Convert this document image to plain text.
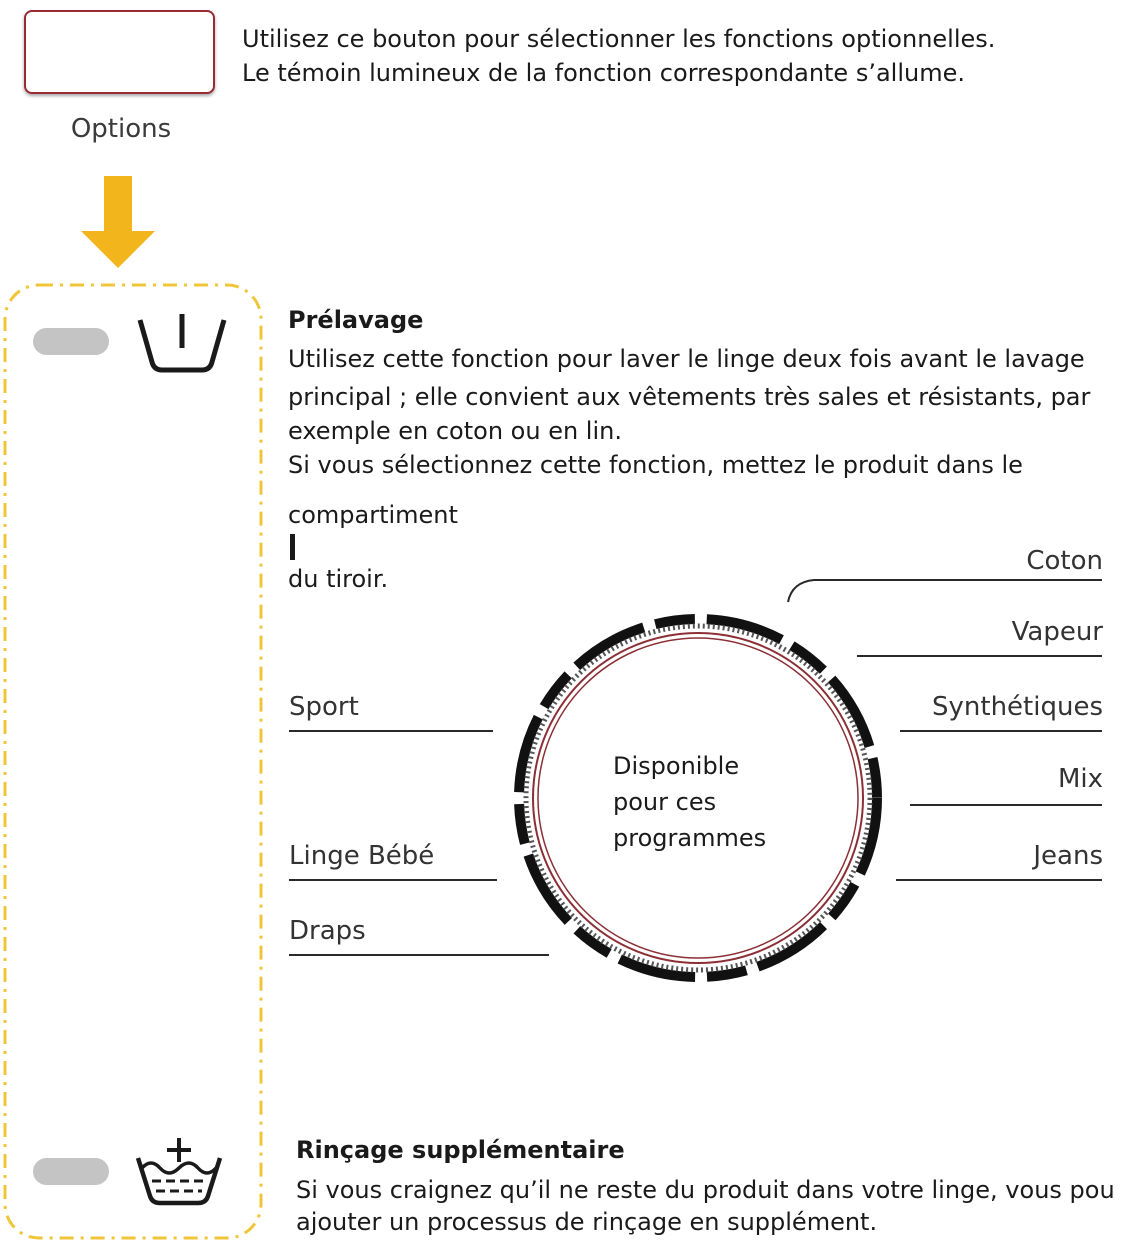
Options
Utilisez ce bouton pour sélectionner les fonctions optionnelles.
Le témoin lumineux de la fonction correspondante s’allume.
Prélavage
Utilisez cette fonction pour laver le linge deux fois avant le lavage
principal ; elle convient aux vêtements très sales et résistants, par
exemple en coton ou en lin.
Si vous sélectionnez cette fonction, mettez le produit dans le
compartiment
du tiroir.
Disponible
pour ces
programmes
Sport
Linge Bébé
Draps
Coton
Vapeur
Synthétiques
Mix
Jeans
Rinçage supplémentaire
Si vous craignez qu’il ne reste du produit dans votre linge, vous pou
ajouter un processus de rinçage en supplément.
